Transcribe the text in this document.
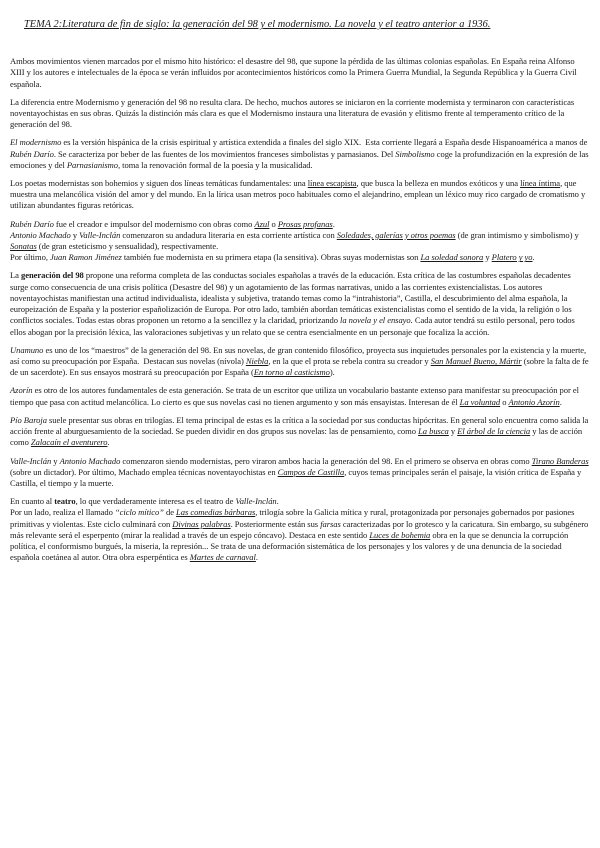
TEMA 2:Literatura de fin de siglo: la generación del 98 y el modernismo. La novela y el teatro anterior a 1936.

Ambos movimientos vienen marcados por el mismo hito histórico: el desastre del 98, que supone la pérdida de las últimas colonias españolas. En España reina Alfonso XIII y los autores e intelectuales de la época se verán influidos por acontecimientos históricos como la Primera Guerra Mundial, la Segunda República y la Guerra Civil española.

La diferencia entre Modernismo y generación del 98 no resulta clara. De hecho, muchos autores se iniciaron en la corriente modernista y terminaron con características noventayochistas en sus obras. Quizás la distinción más clara es que el Modernismo instaura una literatura de evasión y elitismo frente al temperamento crítico de la generación del 98.

El modernismo es la versión hispánica de la crisis espiritual y artística extendida a finales del siglo XIX.  Esta corriente llegará a España desde Hispanoamérica a manos de Rubén Darío. Se caracteriza por beber de las fuentes de los movimientos franceses simbolistas y parnasianos. Del Simbolismo coge la profundización en la expresión de las emociones y del Parnasianismo, toma la renovación formal de la poesía y la musicalidad.

Los poetas modernistas son bohemios y siguen dos líneas temáticas fundamentales: una línea escapista, que busca la belleza en mundos exóticos y una línea íntima, que muestra una melancólica visión del amor y del mundo. En la lírica usan metros poco habituales como el alejandrino, emplean un léxico muy rico cargado de cromatismo y utilizan abundantes figuras retóricas.

Rubén Darío fue el creador e impulsor del modernismo con obras como Azul o Prosas profanas.

Antonio Machado y Valle-Inclán comenzaron su andadura literaria en esta corriente artística con Soledades, galerías y otros poemas (de gran intimismo y simbolismo) y Sonatas (de gran esteticismo y sensualidad), respectivamente.

Por último, Juan Ramon Jiménez también fue modernista en su primera etapa (la sensitiva). Obras suyas modernistas son La soledad sonora y Platero y yo.

La generación del 98 propone una reforma completa de las conductas sociales españolas a través de la educación. Esta crítica de las costumbres españolas decadentes surge como consecuencia de una crisis política (Desastre del 98) y un agotamiento de las formas narrativas, unido a las corrientes existencialistas. Los autores noventayochistas manifiestan una actitud individualista, idealista y subjetiva, tratando temas como la “intrahistoria”, Castilla, el descubrimiento del alma española, la europeización de España y la posterior españolización de Europa. Por otro lado, también abordan temáticas existencialistas como el sentido de la vida, la religión o los conflictos sociales. Todas estas obras proponen un retorno a la sencillez y la claridad, priorizando la novela y el ensayo. Cada autor tendrá su estilo personal, pero todos ellos abogan por la precisión léxica, las valoraciones subjetivas y un relato que se centra esencialmente en un personaje que focaliza la acción.

Unamuno es uno de los “maestros” de la generación del 98. En sus novelas, de gran contenido filosófico, proyecta sus inquietudes personales por la existencia y la muerte, así como su preocupación por España.  Destacan sus novelas (nívola) Niebla, en la que el prota se rebela contra su creador y San Manuel Bueno, Mártir (sobre la falta de fe de un sacerdote). En sus ensayos mostrará su preocupación por España (En torno al casticismo).

Azorín es otro de los autores fundamentales de esta generación. Se trata de un escritor que utiliza un vocabulario bastante extenso para manifestar su preocupación por el tiempo que pasa con actitud melancólica. Lo cierto es que sus novelas casi no tienen argumento y son más ensayistas. Interesan de él La voluntad o Antonio Azorín.

Pío Baroja suele presentar sus obras en trilogías. El tema principal de estas es la crítica a la sociedad por sus conductas hipócritas. En general solo encuentra como salida la acción frente al aburguesamiento de la sociedad. Se pueden dividir en dos grupos sus novelas: las de pensamiento, como La busca y El árbol de la ciencia y las de acción como Zalacaín el aventurero.

Valle-Inclán y Antonio Machado comenzaron siendo modernistas, pero viraron ambos hacia la generación del 98. En el primero se observa en obras como Tirano Banderas (sobre un dictador). Por último, Machado emplea técnicas noventayochistas en Campos de Castilla, cuyos temas principales serán el paisaje, la visión crítica de España y Castilla, el tiempo y la muerte.

En cuanto al teatro, lo que verdaderamente interesa es el teatro de Valle-Inclán.

Por un lado, realiza el llamado “ciclo mítico” de Las comedias bárbaras, trilogía sobre la Galicia mítica y rural, protagonizada por personajes gobernados por pasiones primitivas y violentas. Este ciclo culminará con Divinas palabras. Posteriormente están sus farsas caracterizadas por lo grotesco y la caricatura. Sin embargo, su subgénero más relevante será el esperpento (mirar la realidad a través de un espejo cóncavo). Destaca en este sentido Luces de bohemia obra en la que se denuncia la corrupción política, el conformismo burgués, la miseria, la represión... Se trata de una deformación sistemática de los personajes y los valores y de una denuncia de la sociedad española coetánea al autor. Otra obra esperpéntica es Martes de carnaval.
